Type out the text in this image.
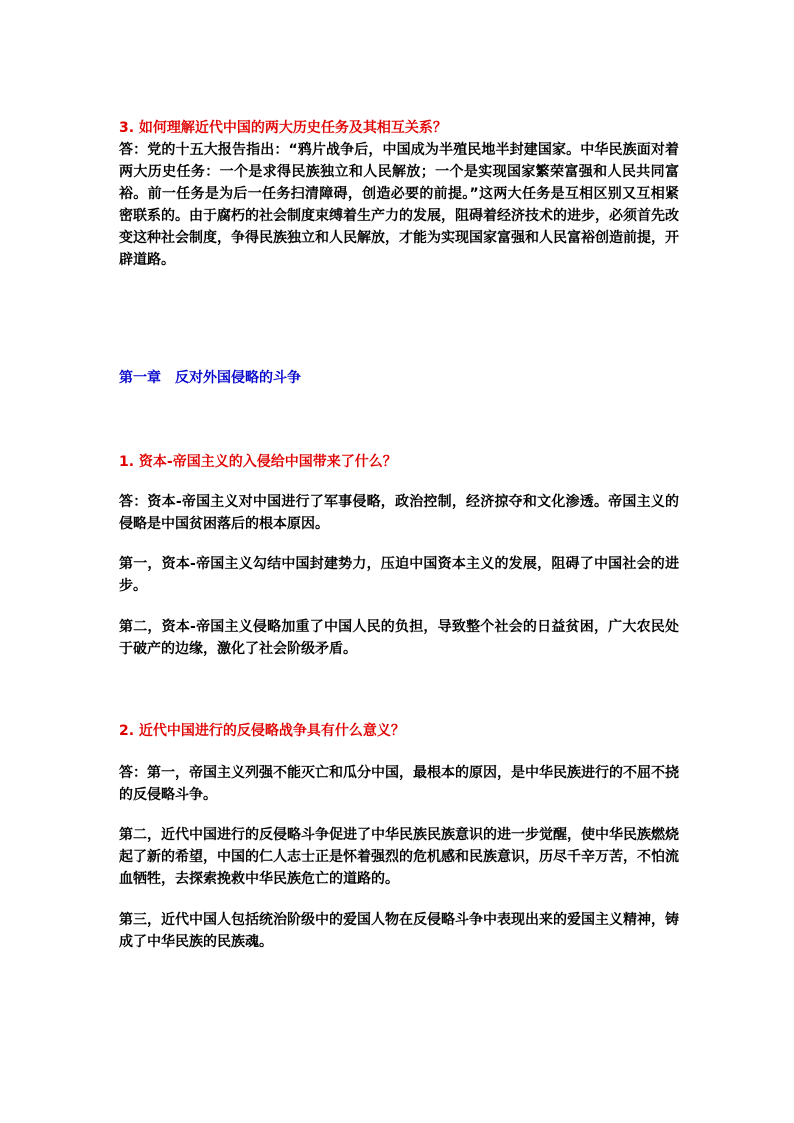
3. 如何理解近代中国的两大历史任务及其相互关系？

答：党的十五大报告指出：“鸦片战争后，中国成为半殖民地半封建国家。中华民族面对着两大历史任务：一个是求得民族独立和人民解放；一个是实现国家繁荣富强和人民共同富裕。前一任务是为后一任务扫清障碍，创造必要的前提。”这两大任务是互相区别又互相紧密联系的。由于腐朽的社会制度束缚着生产力的发展，阻碍着经济技术的进步，必须首先改变这种社会制度，争得民族独立和人民解放，才能为实现国家富强和人民富裕创造前提，开辟道路。

第一章　反对外国侵略的斗争

1. 资本-帝国主义的入侵给中国带来了什么？

答：资本-帝国主义对中国进行了军事侵略，政治控制，经济掠夺和文化渗透。帝国主义的侵略是中国贫困落后的根本原因。

第一，资本-帝国主义勾结中国封建势力，压迫中国资本主义的发展，阻碍了中国社会的进步。

第二，资本-帝国主义侵略加重了中国人民的负担，导致整个社会的日益贫困，广大农民处于破产的边缘，激化了社会阶级矛盾。

2. 近代中国进行的反侵略战争具有什么意义？

答：第一，帝国主义列强不能灭亡和瓜分中国，最根本的原因，是中华民族进行的不屈不挠的反侵略斗争。

第二，近代中国进行的反侵略斗争促进了中华民族民族意识的进一步觉醒，使中华民族燃烧起了新的希望，中国的仁人志士正是怀着强烈的危机感和民族意识，历尽千辛万苦，不怕流血牺牲，去探索挽救中华民族危亡的道路的。

第三，近代中国人包括统治阶级中的爱国人物在反侵略斗争中表现出来的爱国主义精神，铸成了中华民族的民族魂。
